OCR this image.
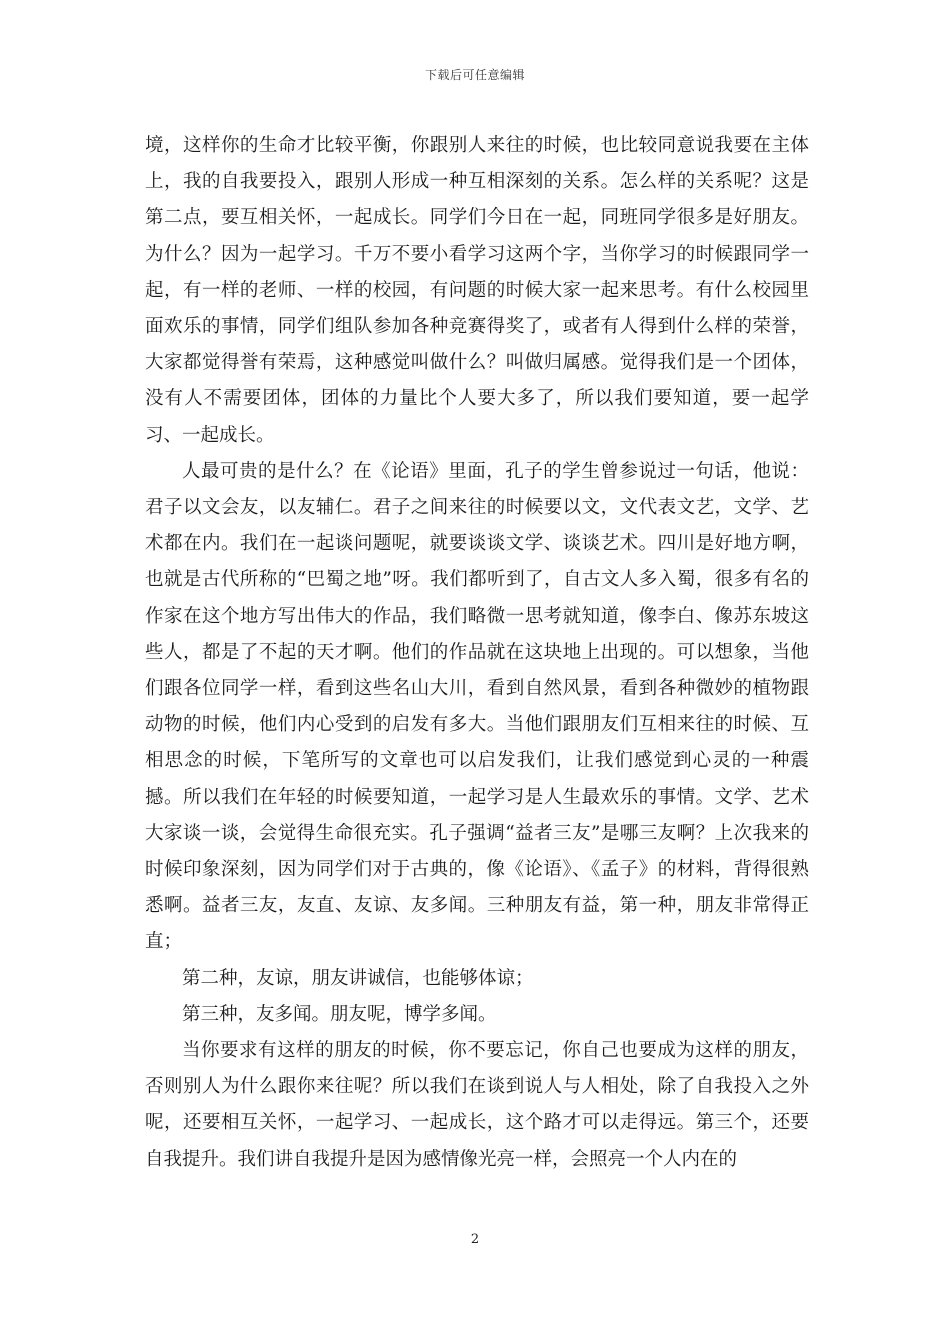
下载后可任意编辑

境，这样你的生命才比较平衡，你跟别人来往的时候，也比较同意说我要在主体上，我的自我要投入，跟别人形成一种互相深刻的关系。怎么样的关系呢？这是第二点，要互相关怀，一起成长。同学们今日在一起，同班同学很多是好朋友。为什么？因为一起学习。千万不要小看学习这两个字，当你学习的时候跟同学一起，有一样的老师、一样的校园，有问题的时候大家一起来思考。有什么校园里面欢乐的事情，同学们组队参加各种竞赛得奖了，或者有人得到什么样的荣誉，大家都觉得誉有荣焉，这种感觉叫做什么？叫做归属感。觉得我们是一个团体，没有人不需要团体，团体的力量比个人要大多了，所以我们要知道，要一起学习、一起成长。

人最可贵的是什么？在《论语》里面，孔子的学生曾参说过一句话，他说：君子以文会友，以友辅仁。君子之间来往的时候要以文，文代表文艺，文学、艺术都在内。我们在一起谈问题呢，就要谈谈文学、谈谈艺术。四川是好地方啊，也就是古代所称的“巴蜀之地”呀。我们都听到了，自古文人多入蜀，很多有名的作家在这个地方写出伟大的作品，我们略微一思考就知道，像李白、像苏东坡这些人，都是了不起的天才啊。他们的作品就在这块地上出现的。可以想象，当他们跟各位同学一样，看到这些名山大川，看到自然风景，看到各种微妙的植物跟动物的时候，他们内心受到的启发有多大。当他们跟朋友们互相来往的时候、互相思念的时候，下笔所写的文章也可以启发我们，让我们感觉到心灵的一种震撼。所以我们在年轻的时候要知道，一起学习是人生最欢乐的事情。文学、艺术大家谈一谈，会觉得生命很充实。孔子强调“益者三友”是哪三友啊？上次我来的时候印象深刻，因为同学们对于古典的，像《论语》、《孟子》的材料，背得很熟悉啊。益者三友，友直、友谅、友多闻。三种朋友有益，第一种，朋友非常得正直；

第二种，友谅，朋友讲诚信，也能够体谅；

第三种，友多闻。朋友呢，博学多闻。

当你要求有这样的朋友的时候，你不要忘记，你自己也要成为这样的朋友，否则别人为什么跟你来往呢？所以我们在谈到说人与人相处，除了自我投入之外呢，还要相互关怀，一起学习、一起成长，这个路才可以走得远。第三个，还要自我提升。我们讲自我提升是因为感情像光亮一样，会照亮一个人内在的

2
